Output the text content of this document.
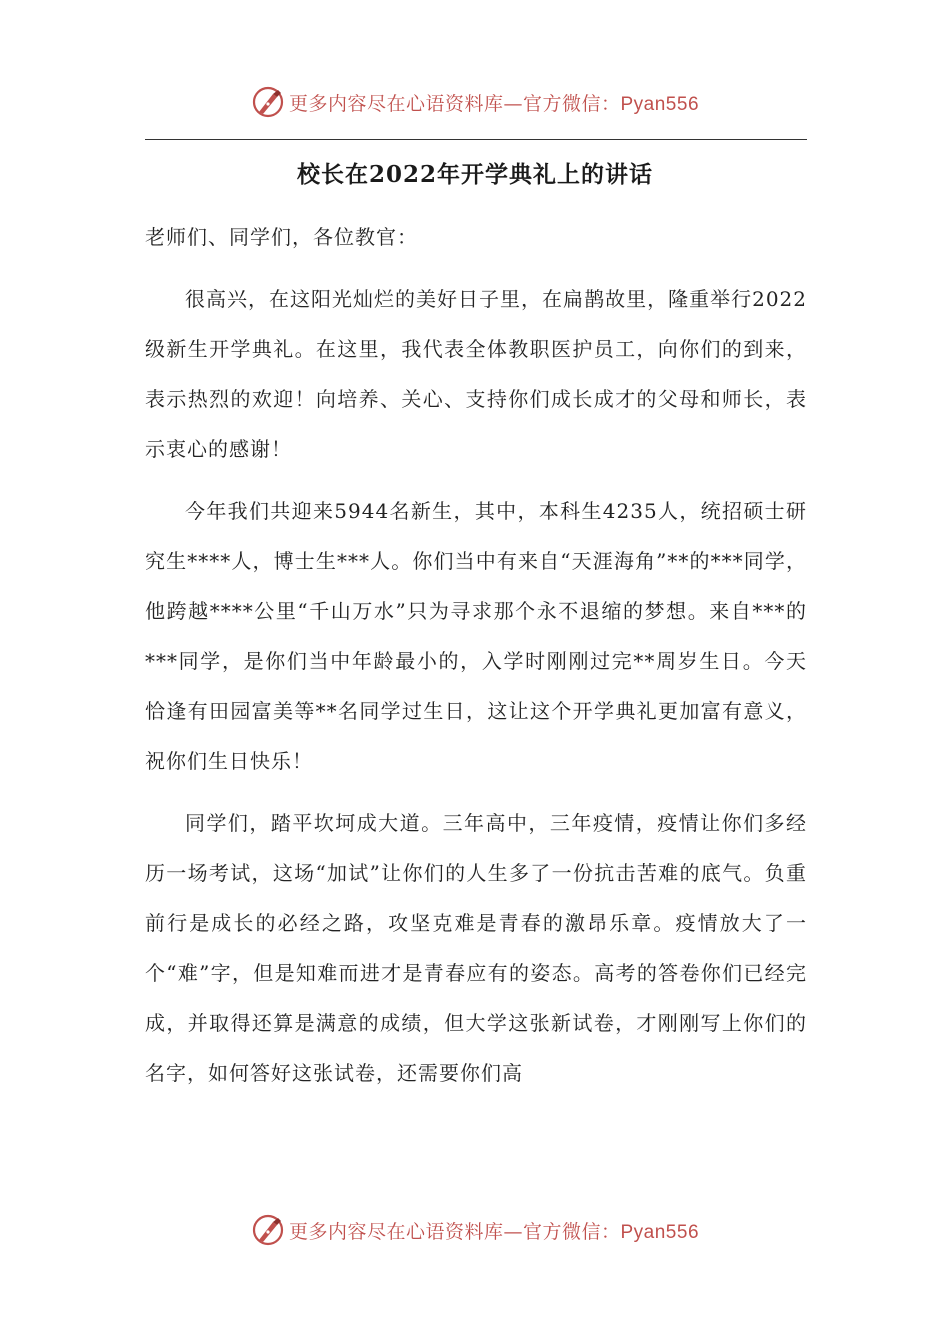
更多内容尽在心语资料库—官方微信：Pyan556
校长在2022年开学典礼上的讲话

老师们、同学们，各位教官：

很高兴，在这阳光灿烂的美好日子里，在扁鹊故里，隆重举行2022级新生开学典礼。在这里，我代表全体教职医护员工，向你们的到来，表示热烈的欢迎！向培养、关心、支持你们成长成才的父母和师长，表示衷心的感谢！

今年我们共迎来5944名新生，其中，本科生4235人，统招硕士研究生****人，博士生***人。你们当中有来自“天涯海角”**的***同学，他跨越****公里“千山万水”只为寻求那个永不退缩的梦想。来自***的***同学，是你们当中年龄最小的，入学时刚刚过完**周岁生日。今天恰逢有田园富美等**名同学过生日，这让这个开学典礼更加富有意义，祝你们生日快乐！

同学们，踏平坎坷成大道。三年高中，三年疫情，疫情让你们多经历一场考试，这场“加试”让你们的人生多了一份抗击苦难的底气。负重前行是成长的必经之路，攻坚克难是青春的激昂乐章。疫情放大了一个“难”字，但是知难而进才是青春应有的姿态。高考的答卷你们已经完成，并取得还算是满意的成绩，但大学这张新试卷，才刚刚写上你们的名字，如何答好这张试卷，还需要你们高

更多内容尽在心语资料库—官方微信：Pyan556
